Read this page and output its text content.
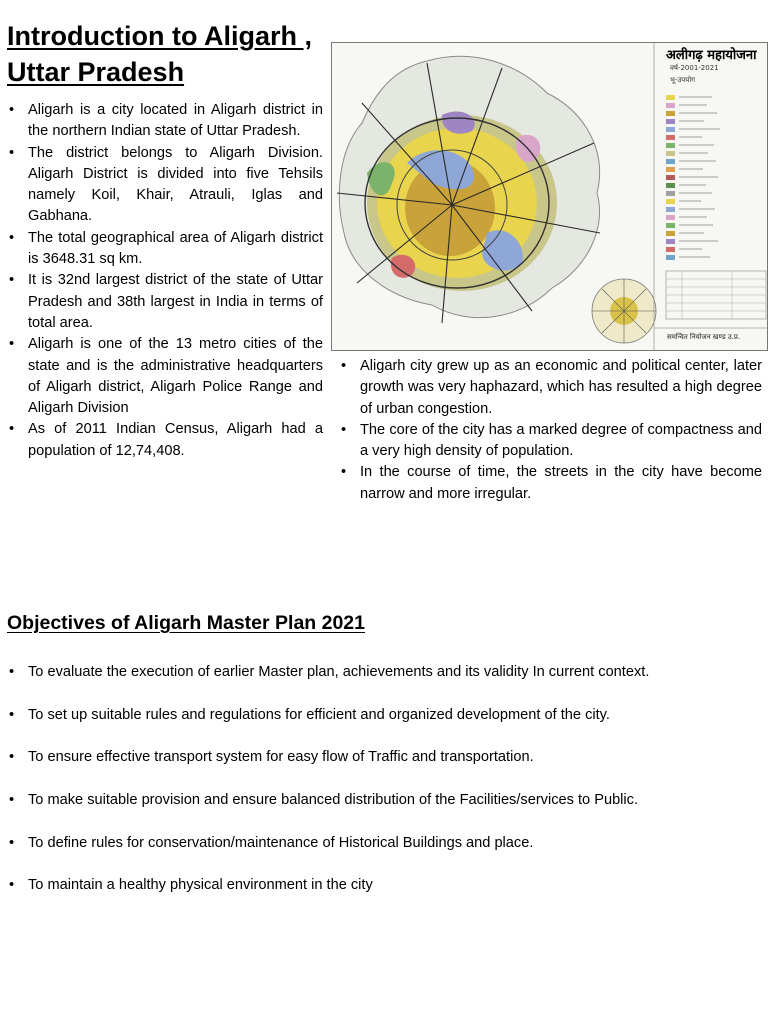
Introduction to Aligarh , Uttar Pradesh
• Aligarh is a city located in Aligarh district in the northern Indian state of Uttar Pradesh.
• The district belongs to Aligarh Division. Aligarh District is divided into five Tehsils namely Koil, Khair, Atrauli, Iglas and Gabhana.
• The total geographical area of Aligarh district is 3648.31 sq km.
• It is 32nd largest district of the state of Uttar Pradesh and 38th largest in India in terms of total area.
• Aligarh is one of the 13 metro cities of the state and is the administrative headquarters of Aligarh district, Aligarh Police Range and Aligarh Division
• As of 2011 Indian Census, Aligarh had a population of 12,74,408.
अलीगढ़ महायोजना
वर्ष-2001-2021
भू-उपयोग
समन्वित नियोजन खण्ड उ.प्र.
• Aligarh city grew up as an economic and political center, later growth was very haphazard, which has resulted a high degree of urban congestion.
• The core of the city has a marked degree of compactness and a very high density of population.
• In the course of time, the streets in the city have become narrow and more irregular.
Objectives of Aligarh Master Plan 2021
• To evaluate the execution of earlier Master plan, achievements and its validity In current context.
• To set up suitable rules and regulations for efficient and organized development of the city.
• To ensure effective transport system for easy flow of Traffic and transportation.
• To make suitable provision and ensure balanced distribution of the Facilities/services to Public.
• To define rules for conservation/maintenance of Historical Buildings and place.
• To maintain a healthy physical environment in the city
